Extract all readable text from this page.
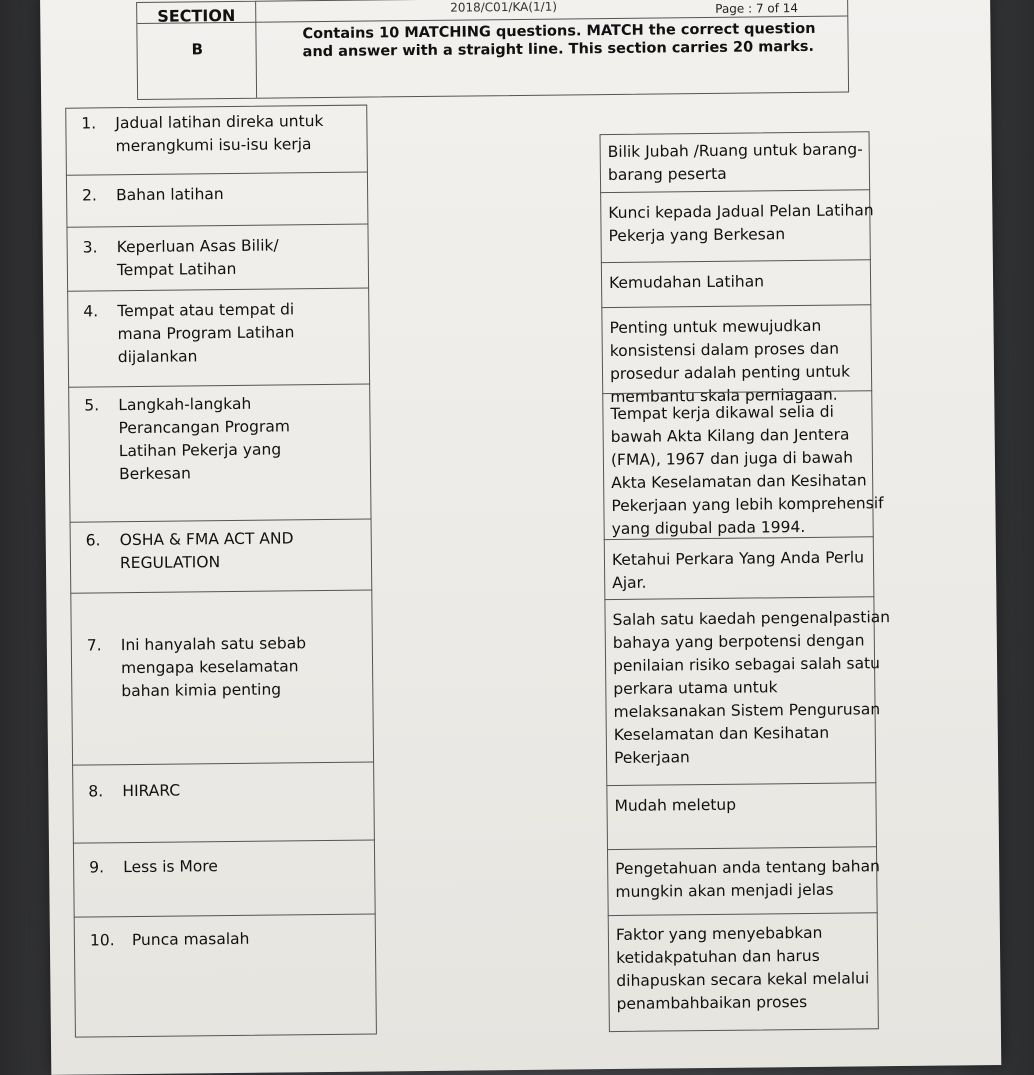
2018/C01/KA(1/1)	Page : 7 of 14
SECTION
B
Contains 10 MATCHING questions. MATCH the correct question and answer with a straight line. This section carries 20 marks.
1. Jadual latihan direka untuk
merangkumi isu-isu kerja
2. Bahan latihan
3. Keperluan Asas Bilik/
Tempat Latihan
4. Tempat atau tempat di
mana Program Latihan
dijalankan
5. Langkah-langkah
Perancangan Program
Latihan Pekerja yang
Berkesan
6. OSHA & FMA ACT AND
REGULATION
7. Ini hanyalah satu sebab
mengapa keselamatan
bahan kimia penting
8. HIRARC
9. Less is More
10. Punca masalah
Bilik Jubah /Ruang untuk barang-
barang peserta
Kunci kepada Jadual Pelan Latihan
Pekerja yang Berkesan
Kemudahan Latihan
Penting untuk mewujudkan
konsistensi dalam proses dan
prosedur adalah penting untuk
membantu skala perniagaan.
Tempat kerja dikawal selia di
bawah Akta Kilang dan Jentera
(FMA), 1967 dan juga di bawah
Akta Keselamatan dan Kesihatan
Pekerjaan yang lebih komprehensif
yang digubal pada 1994.
Ketahui Perkara Yang Anda Perlu
Ajar.
Salah satu kaedah pengenalpastian
bahaya yang berpotensi dengan
penilaian risiko sebagai salah satu
perkara utama untuk
melaksanakan Sistem Pengurusan
Keselamatan dan Kesihatan
Pekerjaan
Mudah meletup
Pengetahuan anda tentang bahan
mungkin akan menjadi jelas
Faktor yang menyebabkan
ketidakpatuhan dan harus
dihapuskan secara kekal melalui
penambahbaikan proses
